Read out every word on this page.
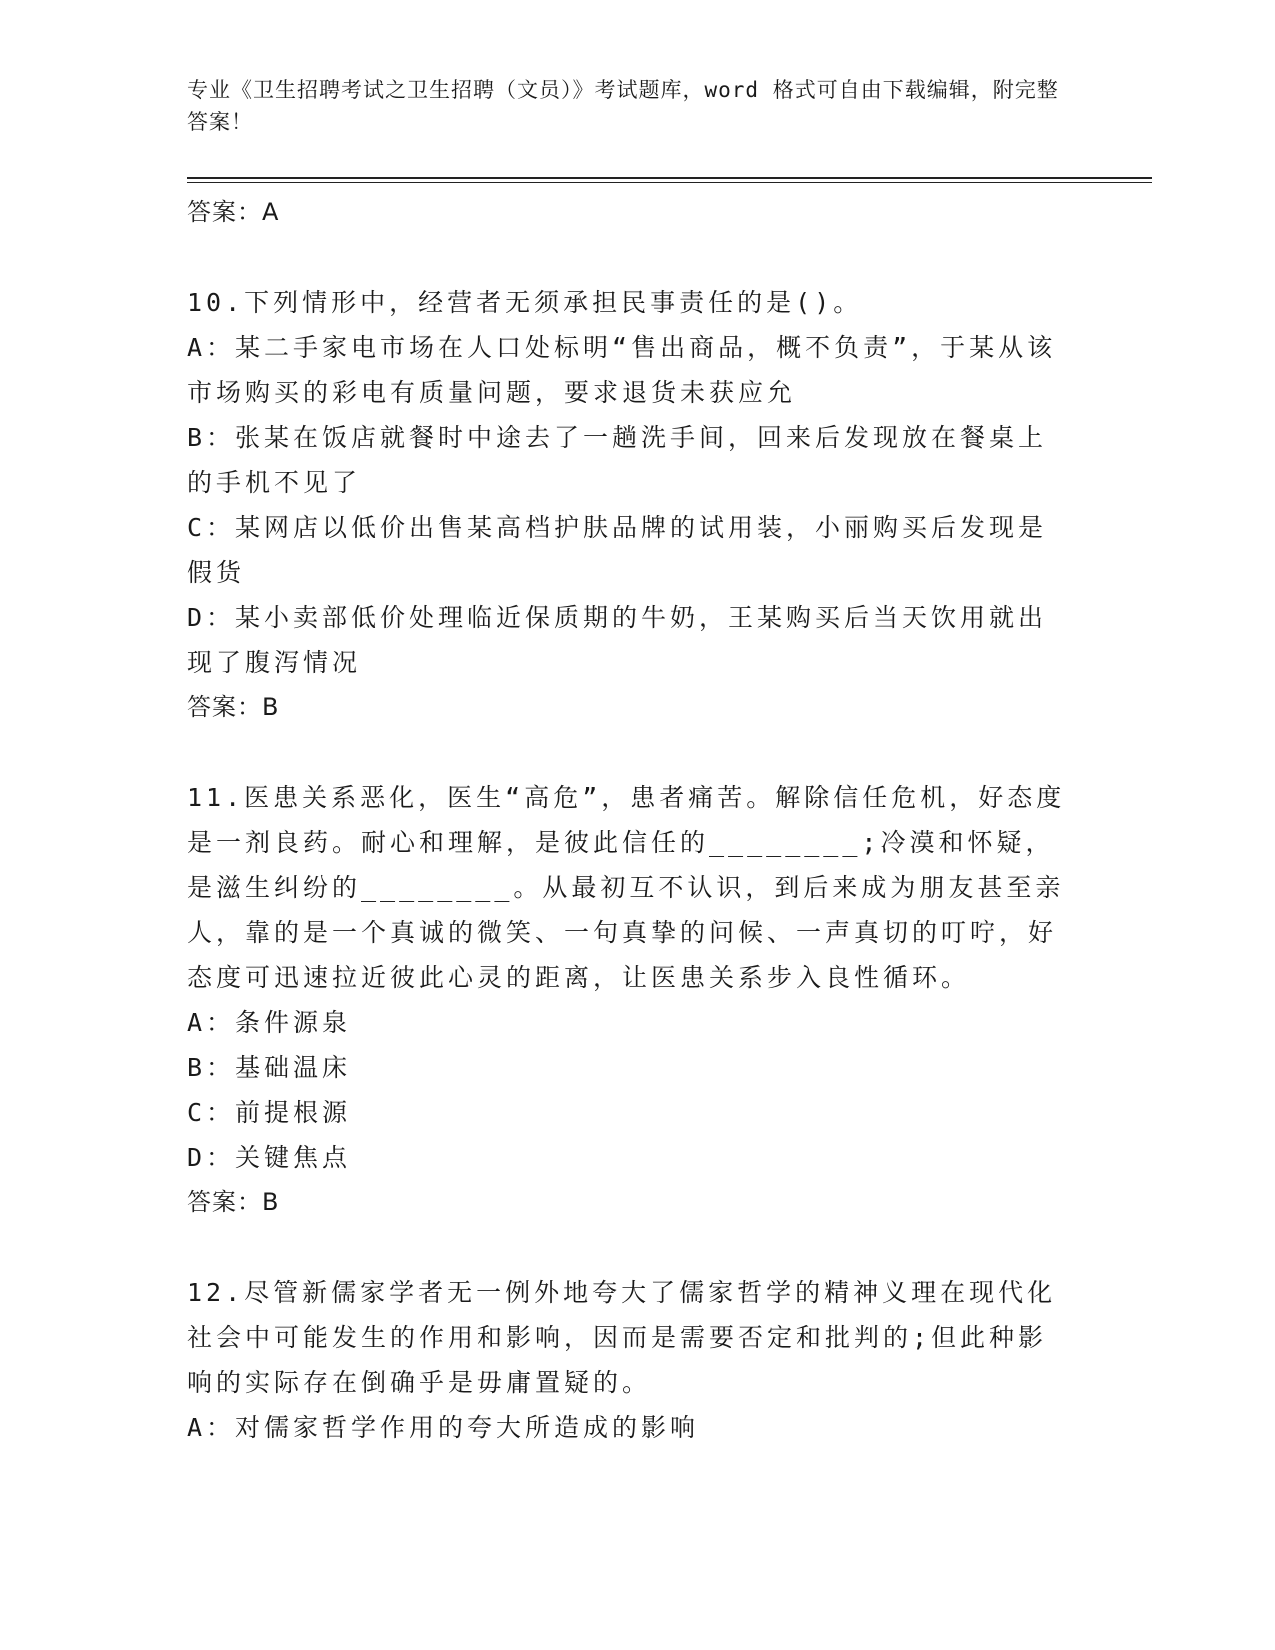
专业《卫生招聘考试之卫生招聘（文员）》考试题库，word 格式可自由下载编辑，附完整答案！

答案：A

10.下列情形中，经营者无须承担民事责任的是()。

A：某二手家电市场在人口处标明“售出商品，概不负责”，于某从该市场购买的彩电有质量问题，要求退货未获应允

B：张某在饭店就餐时中途去了一趟洗手间，回来后发现放在餐桌上的手机不见了

C：某网店以低价出售某高档护肤品牌的试用装，小丽购买后发现是假货

D：某小卖部低价处理临近保质期的牛奶，王某购买后当天饮用就出现了腹泻情况

答案：B

11.医患关系恶化，医生“高危”，患者痛苦。解除信任危机，好态度是一剂良药。耐心和理解，是彼此信任的________;冷漠和怀疑，是滋生纠纷的________。从最初互不认识，到后来成为朋友甚至亲人，靠的是一个真诚的微笑、一句真挚的问候、一声真切的叮咛，好态度可迅速拉近彼此心灵的距离，让医患关系步入良性循环。

A：条件源泉

B：基础温床

C：前提根源

D：关键焦点

答案：B

12.尽管新儒家学者无一例外地夸大了儒家哲学的精神义理在现代化社会中可能发生的作用和影响，因而是需要否定和批判的;但此种影响的实际存在倒确乎是毋庸置疑的。

A：对儒家哲学作用的夸大所造成的影响
